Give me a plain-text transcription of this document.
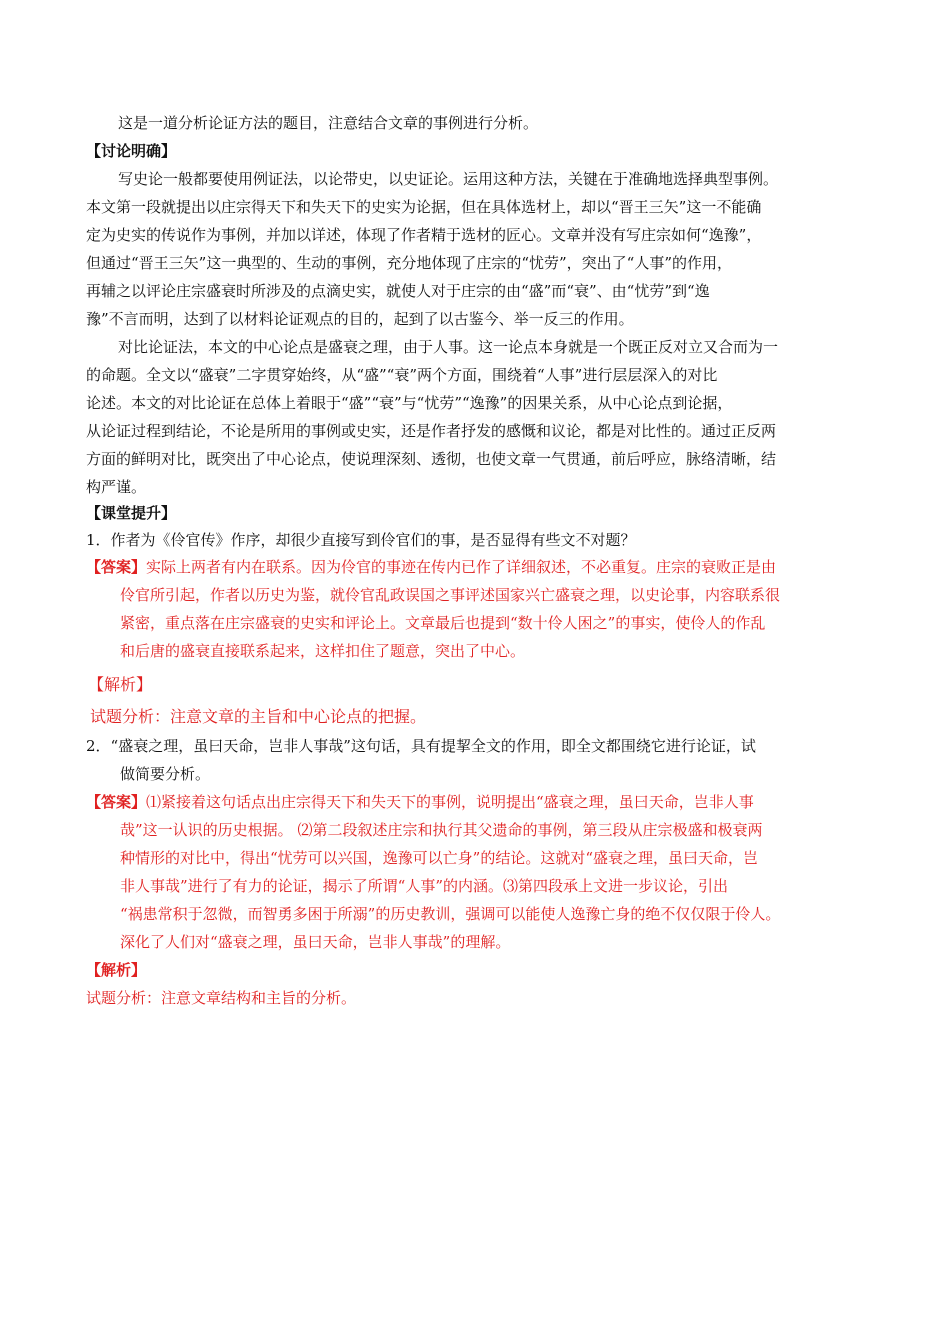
这是一道分析论证方法的题目，注意结合文章的事例进行分析。
【讨论明确】
写史论一般都要使用例证法，以论带史，以史证论。运用这种方法，关键在于准确地选择典型事例。
本文第一段就提出以庄宗得天下和失天下的史实为论据，但在具体选材上，却以“晋王三矢”这一不能确
定为史实的传说作为事例，并加以详述，体现了作者精于选材的匠心。文章并没有写庄宗如何“逸豫”，
但通过“晋王三矢”这一典型的、生动的事例，充分地体现了庄宗的“忧劳”，突出了“人事”的作用，
再辅之以评论庄宗盛衰时所涉及的点滴史实，就使人对于庄宗的由“盛”而“衰”、由“忧劳”到“逸
豫”不言而明，达到了以材料论证观点的目的，起到了以古鉴今、举一反三的作用。
对比论证法，本文的中心论点是盛衰之理，由于人事。这一论点本身就是一个既正反对立又合而为一
的命题。全文以“盛衰”二字贯穿始终，从“盛”“衰”两个方面，围绕着“人事”进行层层深入的对比
论述。本文的对比论证在总体上着眼于“盛”“衰”与“忧劳”“逸豫”的因果关系，从中心论点到论据，
从论证过程到结论，不论是所用的事例或史实，还是作者抒发的感慨和议论，都是对比性的。通过正反两
方面的鲜明对比，既突出了中心论点，使说理深刻、透彻，也使文章一气贯通，前后呼应，脉络清晰，结
构严谨。
【课堂提升】
1．作者为《伶官传》作序，却很少直接写到伶官们的事，是否显得有些文不对题？
【答案】实际上两者有内在联系。因为伶官的事迹在传内已作了详细叙述，不必重复。庄宗的衰败正是由
伶官所引起，作者以历史为鉴，就伶官乱政误国之事评述国家兴亡盛衰之理，以史论事，内容联系很
紧密，重点落在庄宗盛衰的史实和评论上。文章最后也提到“数十伶人困之”的事实，使伶人的作乱
和后唐的盛衰直接联系起来，这样扣住了题意，突出了中心。
【解析】
试题分析：注意文章的主旨和中心论点的把握。
2．“盛衰之理，虽曰天命，岂非人事哉”这句话，具有提挈全文的作用，即全文都围绕它进行论证，试
做简要分析。
【答案】⑴紧接着这句话点出庄宗得天下和失天下的事例，说明提出“盛衰之理，虽曰天命，岂非人事
哉”这一认识的历史根据。 ⑵第二段叙述庄宗和执行其父遗命的事例，第三段从庄宗极盛和极衰两
种情形的对比中，得出“忧劳可以兴国，逸豫可以亡身”的结论。这就对“盛衰之理，虽曰天命，岂
非人事哉”进行了有力的论证，揭示了所谓“人事”的内涵。⑶第四段承上文进一步议论，引出
“祸患常积于忽微，而智勇多困于所溺”的历史教训，强调可以能使人逸豫亡身的绝不仅仅限于伶人。
深化了人们对“盛衰之理，虽曰天命，岂非人事哉”的理解。
【解析】
试题分析：注意文章结构和主旨的分析。
